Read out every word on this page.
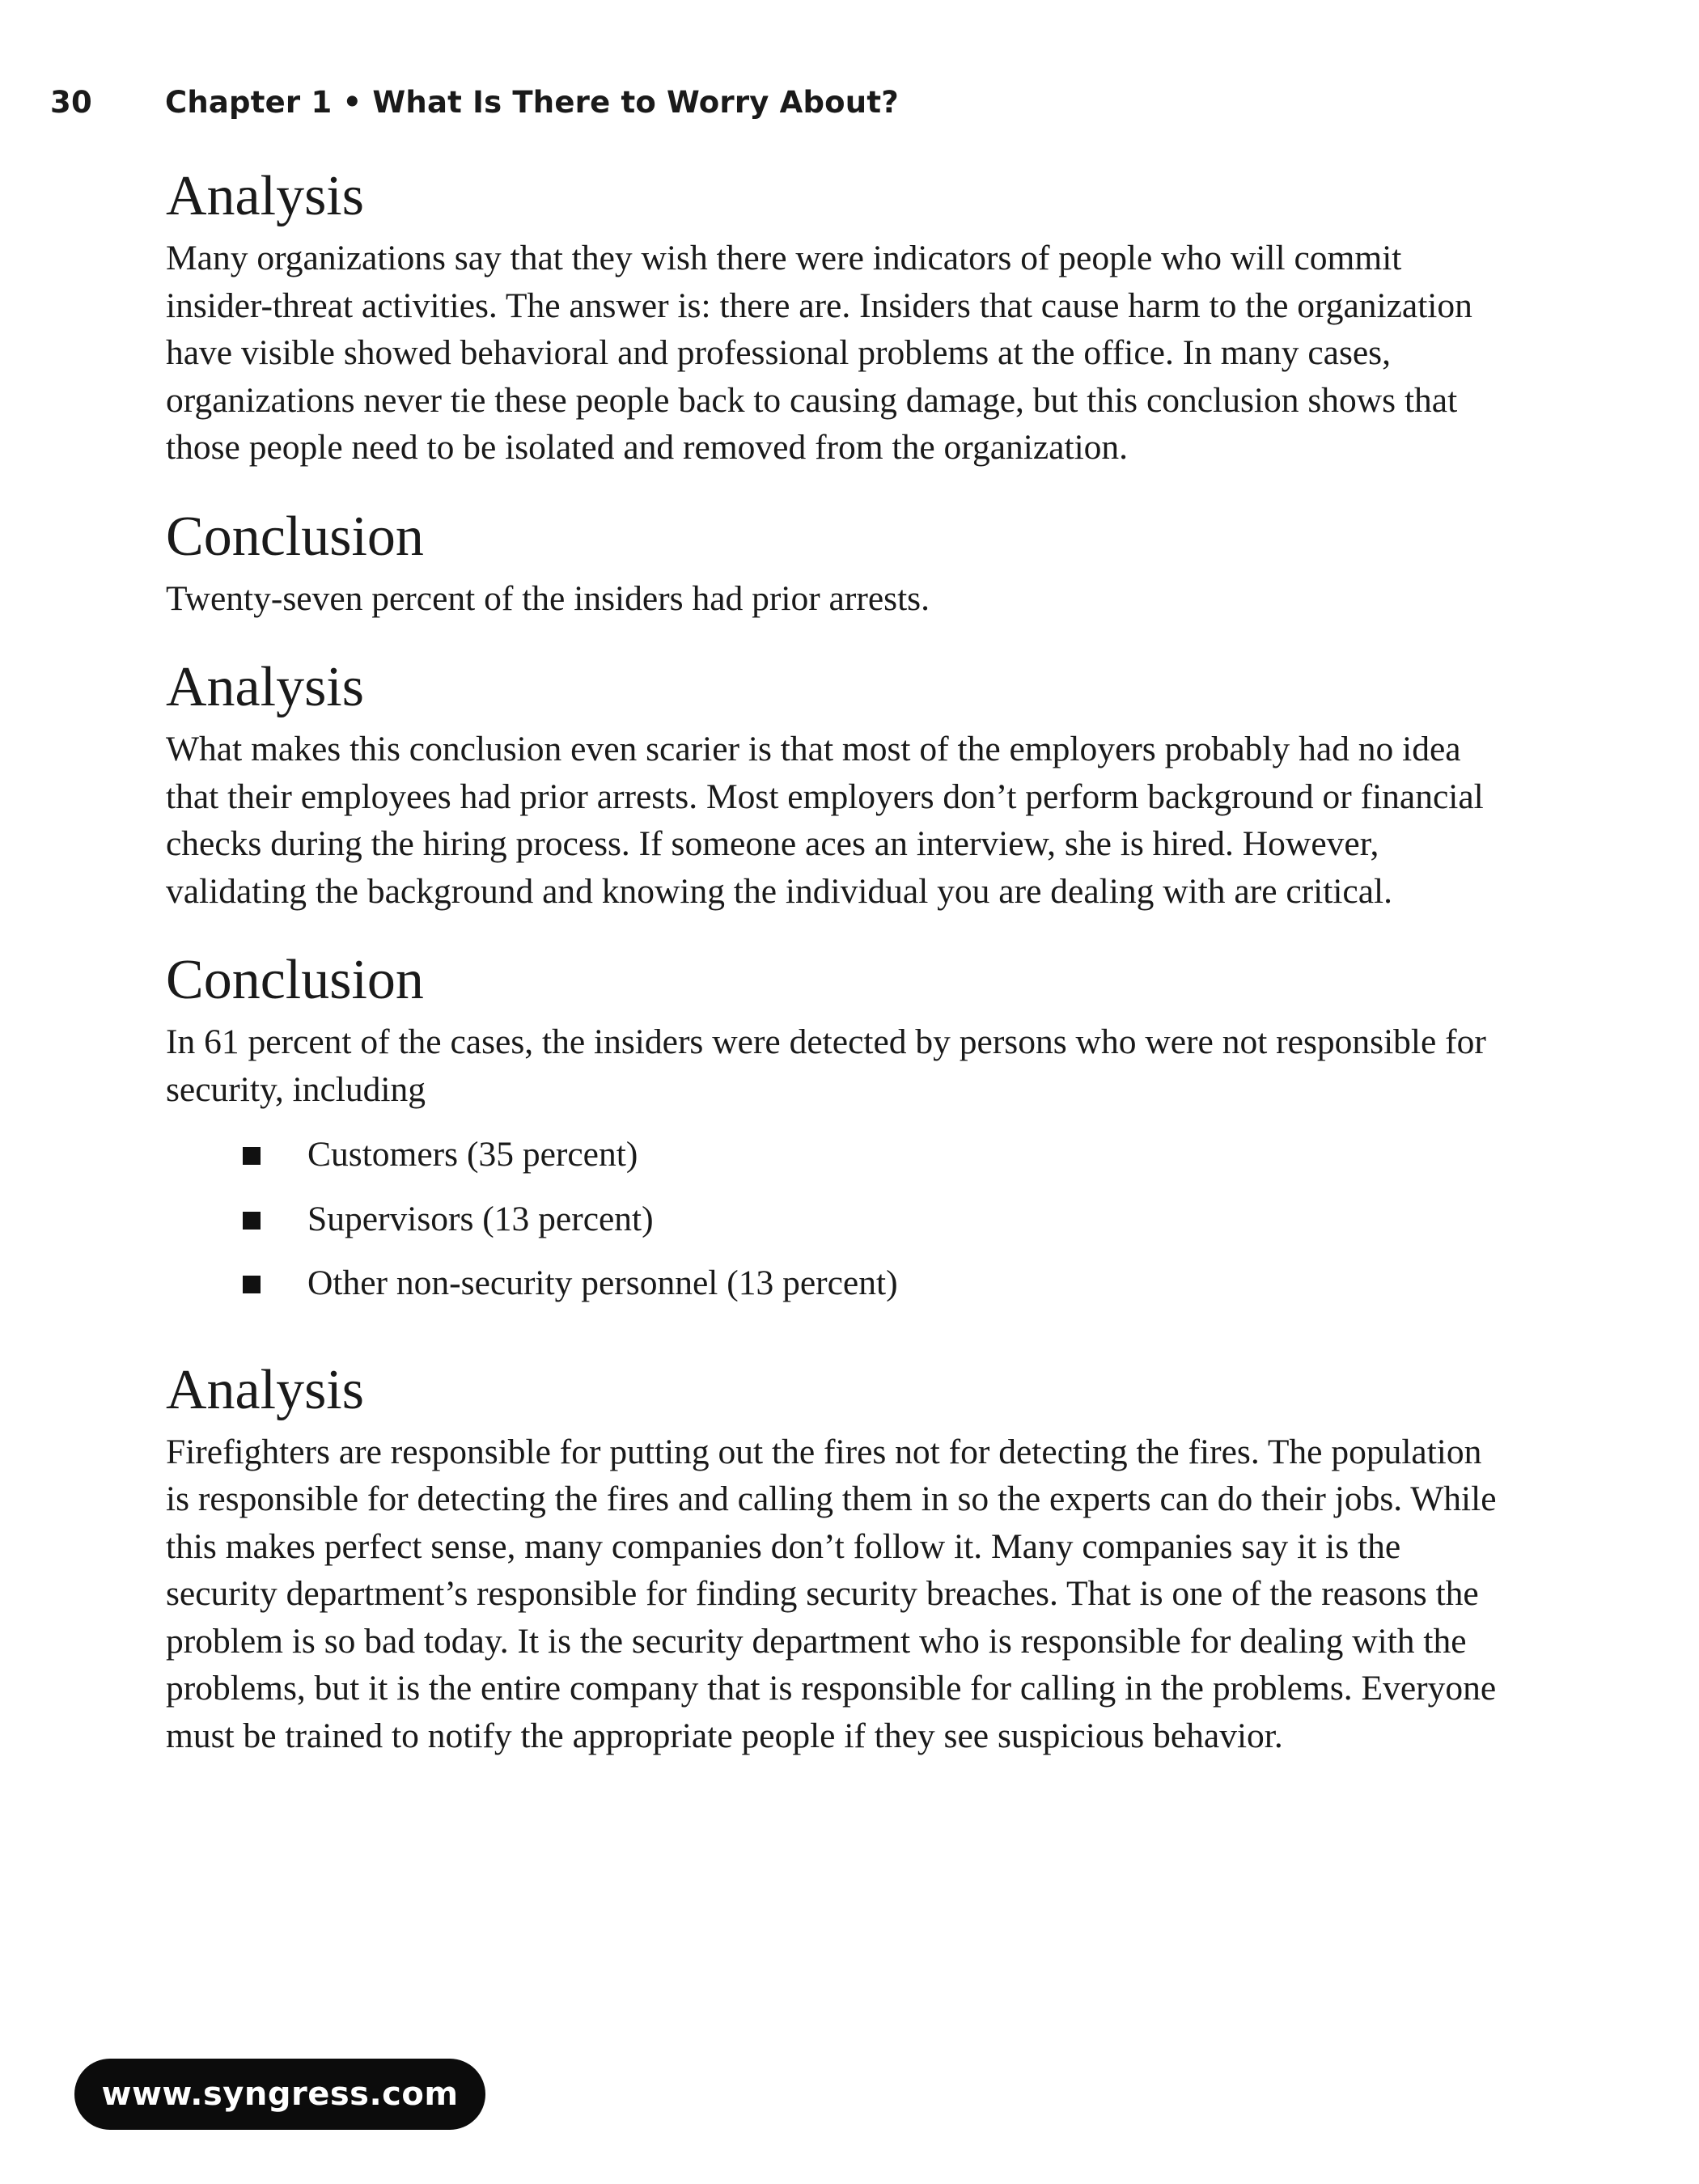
30 Chapter 1 • What Is There to Worry About?
Analysis

Many organizations say that they wish there were indicators of people who will commit insider-threat activities. The answer is: there are. Insiders that cause harm to the organization have visible showed behavioral and professional problems at the office. In many cases, organizations never tie these people back to causing damage, but this conclusion shows that those people need to be isolated and removed from the organization.

Conclusion

Twenty-seven percent of the insiders had prior arrests.

Analysis

What makes this conclusion even scarier is that most of the employers probably had no idea that their employees had prior arrests. Most employers don’t perform background or financial checks during the hiring process. If someone aces an interview, she is hired. However, validating the background and knowing the individual you are dealing with are critical.

Conclusion

In 61 percent of the cases, the insiders were detected by persons who were not responsible for security, including

Customers (35 percent)
Supervisors (13 percent)
Other non-security personnel (13 percent)
Analysis

Firefighters are responsible for putting out the fires not for detecting the fires. The population is responsible for detecting the fires and calling them in so the experts can do their jobs. While this makes perfect sense, many companies don’t follow it. Many companies say it is the security department’s responsible for finding security breaches. That is one of the reasons the problem is so bad today. It is the security department who is responsible for dealing with the problems, but it is the entire company that is responsible for calling in the problems. Everyone must be trained to notify the appropriate people if they see suspicious behavior.

www.syngress.com
